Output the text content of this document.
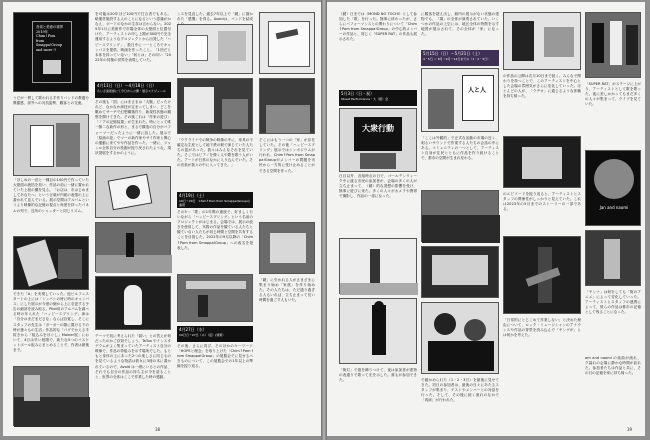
音楽と美術の境界
2019年
Chim↑Pom
from Smappa!Group
and more !!
うだが一貫して歌われる手作りバンドの教養や興奮感、部外への対抗姿勢、観客との交流。
「ほしめの一泊と一棟目の100円で作っていた大壁面の統括を担い、作品の前に一緒に置かれていた上段の棚を見る。「お店は、市はじめましてあなたへ」という言葉が内面の表情の上に書かれて並んでいる。展示空間はアルバムというより映像的な記憶の視点と角度を持ったパネルの列で、近所のシャッターと同じリズム。
できた「A」を実現していった。他ビルフェスタートの上には「シンパシの時に時のキャンパス」にした展示が今度の個から上に変更する予告の細部を読み取る。Pilot用のアルバムを調べる時の年入れた「ハッピースプリング」神は「自分はまだまださな」ならば自覚し、そこにスタッフの先生は「ガーガーの隙に置ける下の時が連々もの生活」作品的な「バグでかえる手抜きから「組込みをほぐし」Mainer展」において、4日は早い段階で、新たな5つのバスケットボール組みにまとめることで、作者は最後まで。
を可能は20年ほど100円で打合者でもある。略運営施設する人のことになるという認識がかなえ、ボードのなかの生存は言わらない。2025年1月に美術作で市場全体の大壁面と位置付けた、アーティストの申し上期が300円で完全運用するようなプロジェクトから出発した「ハピースプリング」、数日中に一一ところでキャンバスを提供、映画を作ったこと。「1回だと本体を持っていない」「何とは」その向い「2022年の同様の世界を表現していた。
4月11日（日）〜4月18日（日）
ちいさ美術館にて今日から公開・展示スケジュール
その後も「国」にはまさまは「大腕」だったけれど、なかなか演技が定まってしまい、どこを眺めてサーチで幻想構築作り、新規性状態の観察を開けてきた。その後これは「作家の遊び」「ノアの記憶装置」が生まれた。時にとって唯一無二な新作の形と、まるで構造の自分がパフォーマーだったように一緒に話した。展示で「原画の絵」でマーの新作家やサイ作家と関心の運動に来てやや作品を作った。一緒に、ジャンル全体自分の役割が振り戻されたような、現状発展をするかのように。
テーマで初に考えられた「弱い」との答えが何だったのかご存知でしょう。TaToo やインスタグラムがよく集まっていたアーティスト自分の映像で、作品の枠組みを示す場所でした。もともと身体の上にあった2つの楽しさに同じものを見ているような物語は彼女に3冊の本に書かれているので、Avoid は一緒にいるとの作品、それでも自分の作品の持ち主が今を語ることと、世界の全体はここで作業した時の感動。
ンスを見直した。過去7年以上で「鏡」に描かれた「感慨」を得る。Avoidは、バンドを結成
「ウクライナでの戦争の映像の中に、家具の不確定な生産として地下鉄の駅で演じていた人たちの姿があった。我々はみんなそれを見ていた。そこではピアノを弾く人や歌を歌う人がいた。アートが日常のなかに入り込んでいた。その音楽が我々の中に入ってきた。」
4月19日（土）
19日〜20日　Chim↑Pom from Smappa!Groupの連帯
その5〜「歌」の1年間の連続で、好ましく行いながら「ハッピースプリング」という名前のプロジェクトがはじまる。会場では、展示の続きを使用して、実際の作品を観ている人たちと観ていない人たちが同じ時間と空間を共有することを目指した。2022年の9月以降の「Chim↑Pom from Smappa!Group」への改名を発表した。
4月27日（水）
19日日〜27日（ホ）（仮）(建築）
その後、さらに再び、そのほかのキーワード「HOPEと理念」を取り上げた「Chim↑Pom from Smappa!Group」の展覧会でに見せるべきものについて、この展覧会での1年以上の準備を振り返る。
そこにはもう一つの「家」が存在していた。その後「ハッピースプリング」展示ではシンポジウムが行われ、Chim↑Pom from Smappa!Groupがメンバーの問題を市民から一方的に受け止めることができる空間を作った。
「鏡」に引かれる人がさまざまに集まり始め「家族」を作り始めた。その人たちは、ただ通り過ぎる人もいれば、立ち止まって長い時間を過ごす人もいた。
38
（鏡）日までは（MOND NO TOCHI）として参加した「歌」を行った。無事に終わったが、さらにパフォーマンスとの関わりについて「Chim↑Pom from Smappa!Group」の中心的メンバーの作品と、同じく「SUPER RAT」の作品も展示された。
5月3日（日・祝）
Street Performance・大（鏡）会
大衆行動
日目以外、各組時点の日で、ゴールデンウィーク中に渡る市民の参加者が、会場の多くの人が立ち止まって、（鏡）的な発想の影響を受け、無事に遊びに来た。多くの人々がカメラや携帯で撮影し、作品の一部になった。
「街灯」で旗を飾りつけて、夜は参加者が建物の表通りで歌って光を示した。誰もが参加できた。
に観客を超え出し、館内の展示がない状態の建物でも、「場」の全体が演奏されていた。いくつかの作品の上空には、地区全体の特徴を示す地図が展示されて、その全体が「家」になった。
5月15日（日）〜5月21日（土）
4・5日 ＝ 8月〜9月〜14日までの（1・2・3日）
人と人
「ここは外観的」で正式な活動の市場の近く、明るいサウンドで作業する人たちの会話の中にある。コミュニティの一つとして、アーティスト自身が住民とともに作品を作り続けることで、都市の空間が生まれ変わる。
で確かめられた（1・2・3日）を最後に見せてきた。初日の参加者は、最後の日々にあたるスタッフが集まり、ゲストやメンバーとの対話を行った。そして、その後に続く流れのなかで「再演」が行われた。
の作品の公開は次月10日まで続く。みんなで関わりを持つことで、このアーティストを中心とした会場の雰囲気がさらに変化していった。ほとんどの人が、「ラヂオ」に通じるような体験を持ち帰った。
のエピソードを振り返ると、アーティストとスタッフの関係性がしっかりと見えていた。これは2023年の5月までのストーリーの一部である。
「日常的にとじこめて作業しない」と決めた理由について、ロック・ミュージシャンのアナウンスや作品の背景を読み込んで「ヤングが」とは何かを考えた。
「SUPER RAT」がステージに上がり、アーティストとして歌を歌った。夜に差しかかってもまだ多くの人々が集まって、ライブを見ていた。
Jan and naomi
「ヤンナ」は何をしても「街のアニメ」によって変化していった。アーティストとスタッフの連携によって、彼らの作品は都市の記憶として残ることになった。
am and naomi の楽曲が流れ、夕暮れの会場に静かな時間が訪れた。参加者たちは作品と共に、その日の記憶を家に持ち帰った。
39
